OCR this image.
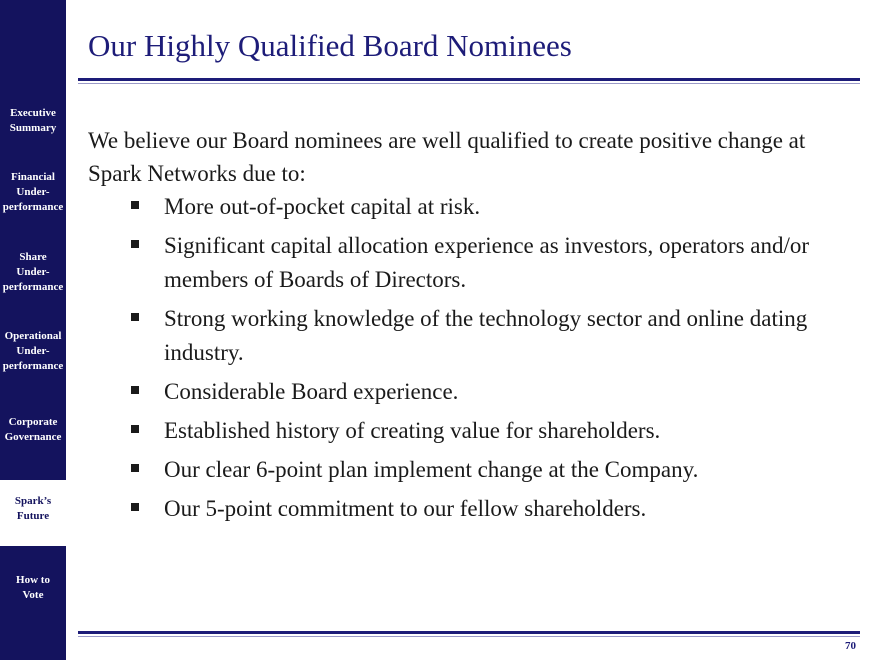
Executive
Summary
Financial
Under-
performance
Share
Under-
performance
Operational
Under-
performance
Corporate
Governance
Spark’s
Future
How to
Vote
Our Highly Qualified Board Nominees

We believe our Board nominees are well qualified to create positive change at Spark Networks due to:

More out-of-pocket capital at risk.
Significant capital allocation experience as investors, operators and/or members of Boards of Directors.
Strong working knowledge of the technology sector and online dating industry.
Considerable Board experience.
Established history of creating value for shareholders.
Our clear 6-point plan implement change at the Company.
Our 5-point commitment to our fellow shareholders.
70
